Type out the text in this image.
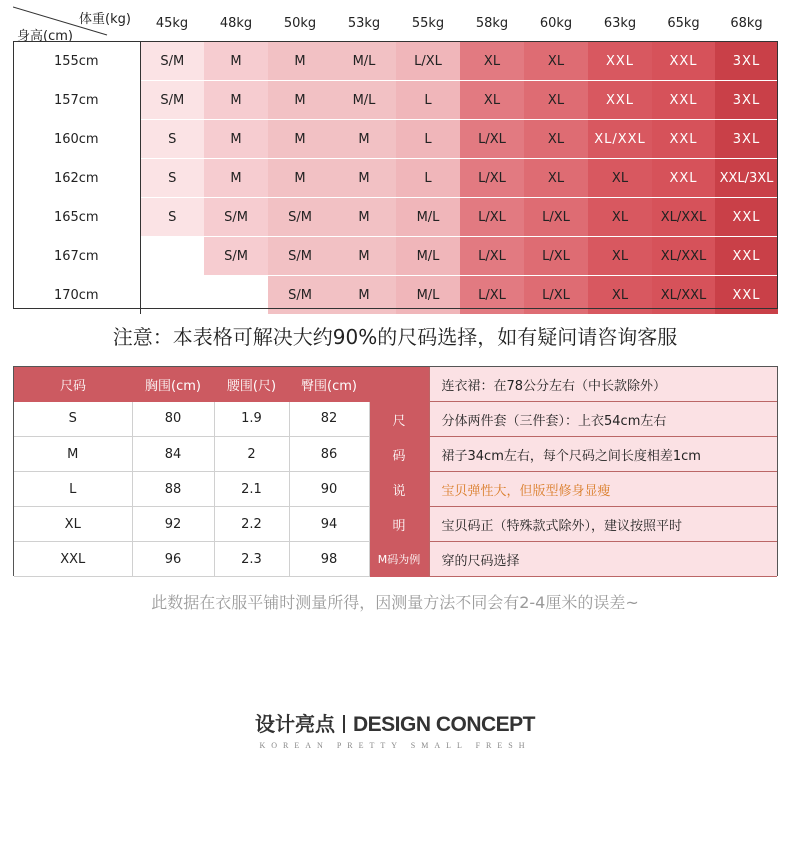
体重(kg)
身高(cm)	45kg	48kg	50kg	53kg	55kg	58kg	60kg	63kg	65kg	68kg
155cm	S/M	M	M	M/L	L/XL	XL	XL	XXL	XXL	3XL
157cm	S/M	M	M	M/L	L	XL	XL	XXL	XXL	3XL
160cm	S	M	M	M	L	L/XL	XL	XL/XXL	XXL	3XL
162cm	S	M	M	M	L	L/XL	XL	XL	XXL	XXL/3XL
165cm	S	S/M	S/M	M	M/L	L/XL	L/XL	XL	XL/XXL	XXL
167cm		S/M	S/M	M	M/L	L/XL	L/XL	XL	XL/XXL	XXL
170cm			S/M	M	M/L	L/XL	L/XL	XL	XL/XXL	XXL
注意：本表格可解决大约90%的尺码选择，如有疑问请咨询客服
尺码	胸围(cm)	腰围(尺)	臀围(cm)		连衣裙：在78公分左右（中长款除外）
S	80	1.9	82	尺	分体两件套（三件套）：上衣54cm左右
M	84	2	86	码	裙子34cm左右，每个尺码之间长度相差1cm
L	88	2.1	90	说	宝贝弹性大，但版型修身显瘦
XL	92	2.2	94	明	宝贝码正（特殊款式除外），建议按照平时
XXL	96	2.3	98	M码为例	穿的尺码选择
此数据在衣服平铺时测量所得，因测量方法不同会有2-4厘米的误差~
设计亮点 DESIGN CONCEPT
KOREAN PRETTY SMALL FRESH
